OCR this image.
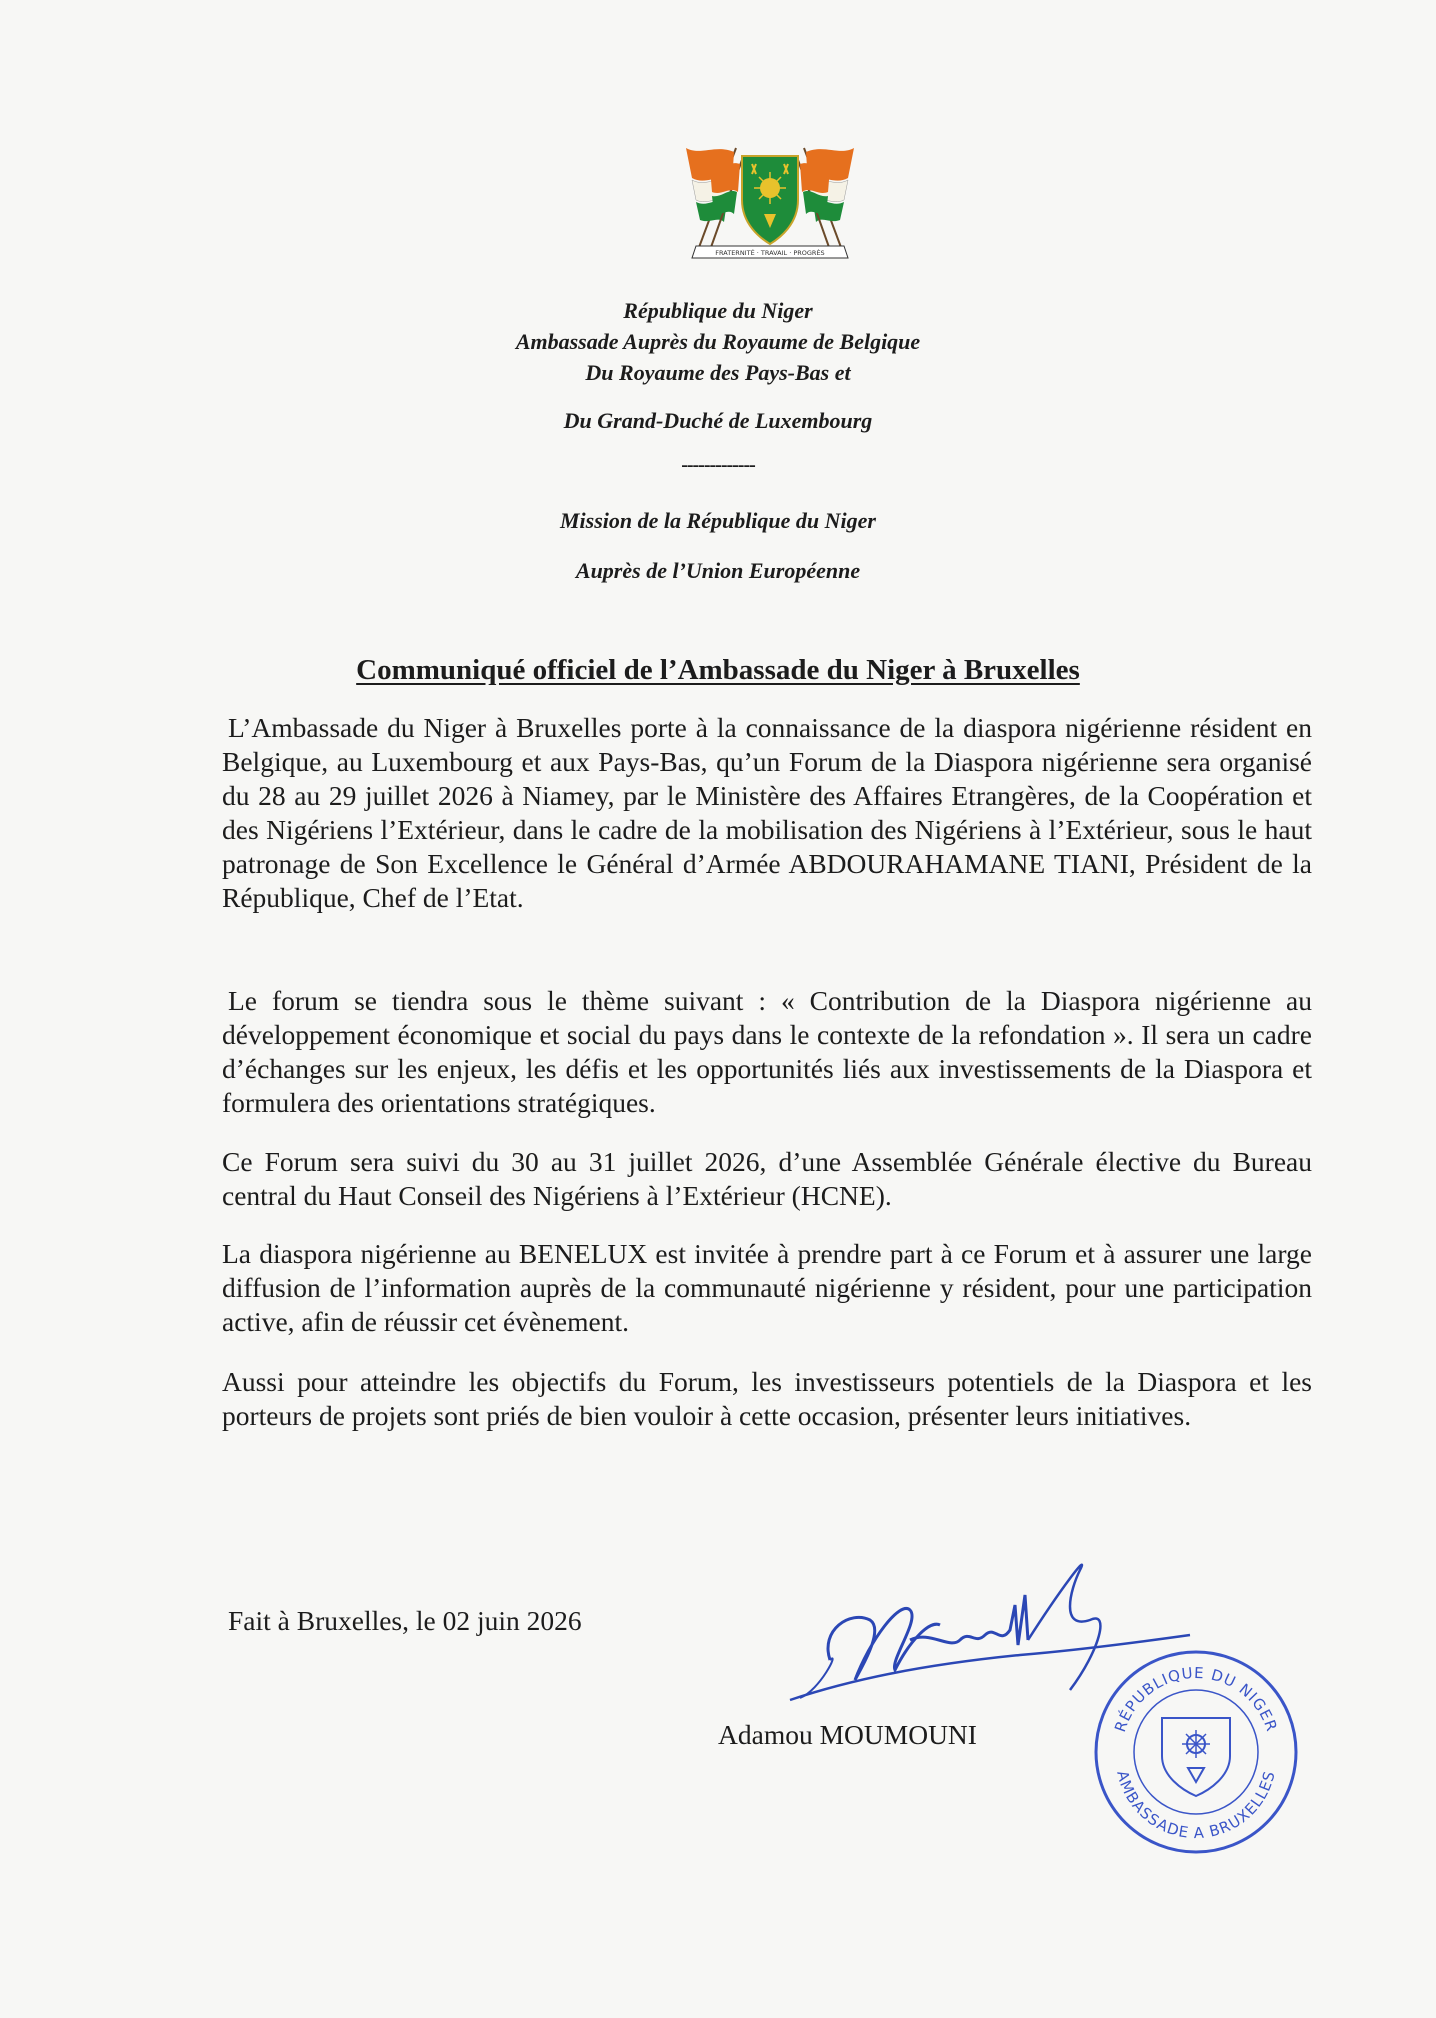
FRATERNITÉ · TRAVAIL · PROGRÈS
République du Niger
Ambassade Auprès du Royaume de Belgique
Du Royaume des Pays-Bas et
Du Grand-Duché de Luxembourg
-------------
Mission de la République du Niger
Auprès de l’Union Européenne
Communiqué officiel de l’Ambassade du Niger à Bruxelles

L’Ambassade du Niger à Bruxelles porte à la connaissance de la diaspora nigérienne résident en Belgique, au Luxembourg et aux Pays-Bas, qu’un Forum de la Diaspora nigérienne sera organisé du 28 au 29 juillet 2026 à Niamey, par le Ministère des Affaires Etrangères, de la Coopération et des Nigériens l’Extérieur, dans le cadre de la mobilisation des Nigériens à l’Extérieur, sous le haut patronage de Son Excellence le Général d’Armée ABDOURAHAMANE TIANI, Président de la République, Chef de l’Etat.

Le forum se tiendra sous le thème suivant : « Contribution de la Diaspora nigérienne au développement économique et social du pays dans le contexte de la refondation ». Il sera un cadre d’échanges sur les enjeux, les défis et les opportunités liés aux investissements de la Diaspora et formulera des orientations stratégiques.

Ce Forum sera suivi du 30 au 31 juillet 2026, d’une Assemblée Générale élective du Bureau central du Haut Conseil des Nigériens à l’Extérieur (HCNE).

La diaspora nigérienne au BENELUX est invitée à prendre part à ce Forum et à assurer une large diffusion de l’information auprès de la communauté nigérienne y résident, pour une participation active, afin de réussir cet évènement.

Aussi pour atteindre les objectifs du Forum, les investisseurs potentiels de la Diaspora et les porteurs de projets sont priés de bien vouloir à cette occasion, présenter leurs initiatives.

Fait à Bruxelles, le 02 juin 2026
Adamou MOUMOUNI	RÉPUBLIQUE DU NIGER
AMBASSADE A BRUXELLES
